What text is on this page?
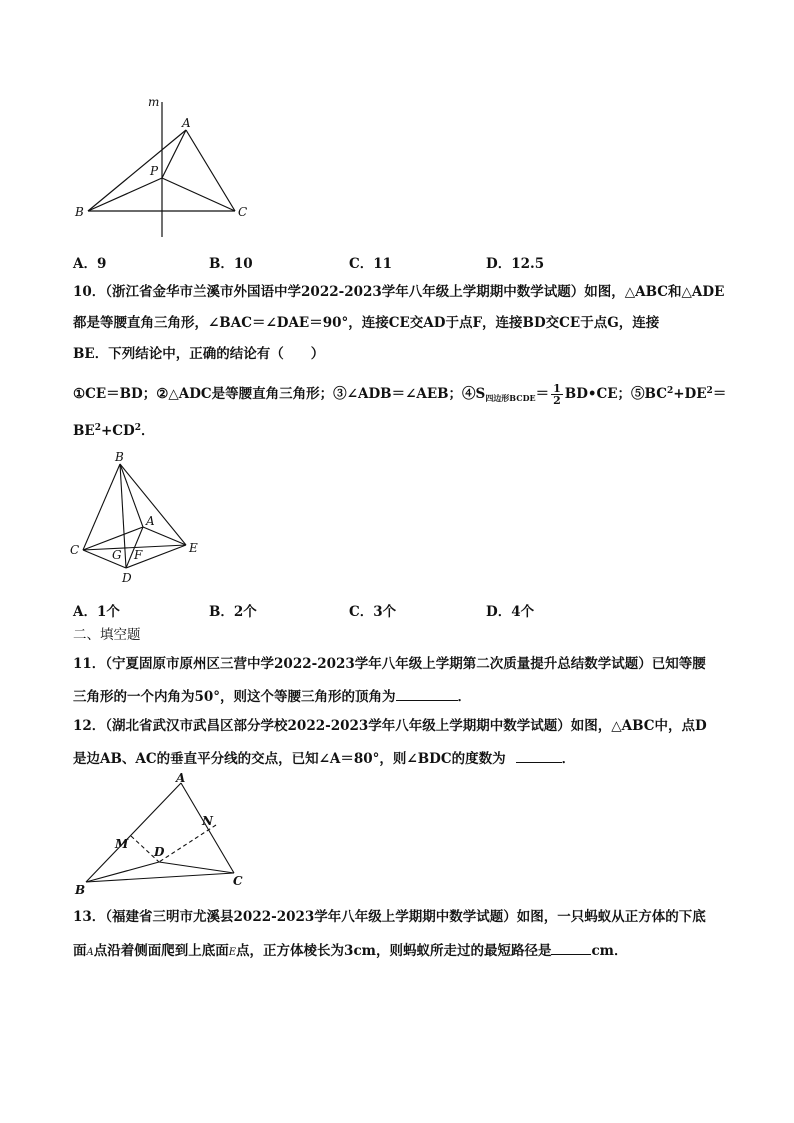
m
A
P
B	C
A．9	B．10	C．11	D．12.5
10．（浙江省金华市兰溪市外国语中学2022-2023学年八年级上学期期中数学试题）如图，△ABC和△ADE
都是等腰直角三角形，∠BAC＝∠DAE＝90°，连接CE交AD于点F，连接BD交CE于点G，连接
BE．下列结论中，正确的结论有（　　）
①CE＝BD；②△ADC是等腰直角三角形；③∠ADB＝∠AEB；$④S_{四边形BCDE}= \frac{1}{2}$ BD•CE；$⑤BC^2+DE^2=$
$BE^2+CD^2$．
B
A
C	G F	E
D
A．1个	B．2个	C．3个	D．4个
二、填空题
11．（宁夏固原市原州区三营中学2022-2023学年八年级上学期第二次质量提升总结数学试题）已知等腰
三角形的一个内角为50°，则这个等腰三角形的顶角为	．
12．（湖北省武汉市武昌区部分学校2022-2023学年八年级上学期期中数学试题）如图，△ABC中，点D
是边AB、AC的垂直平分线的交点，已知∠A＝80°，则∠BDC的度数为	．
A
N
M
D
B
C
13．（福建省三明市尤溪县2022-2023学年八年级上学期期中数学试题）如图，一只蚂蚁从正方体的下底
面A点沿着侧面爬到上底面E点，正方体棱长为3cm，则蚂蚁所走过的最短路径是	cm．
